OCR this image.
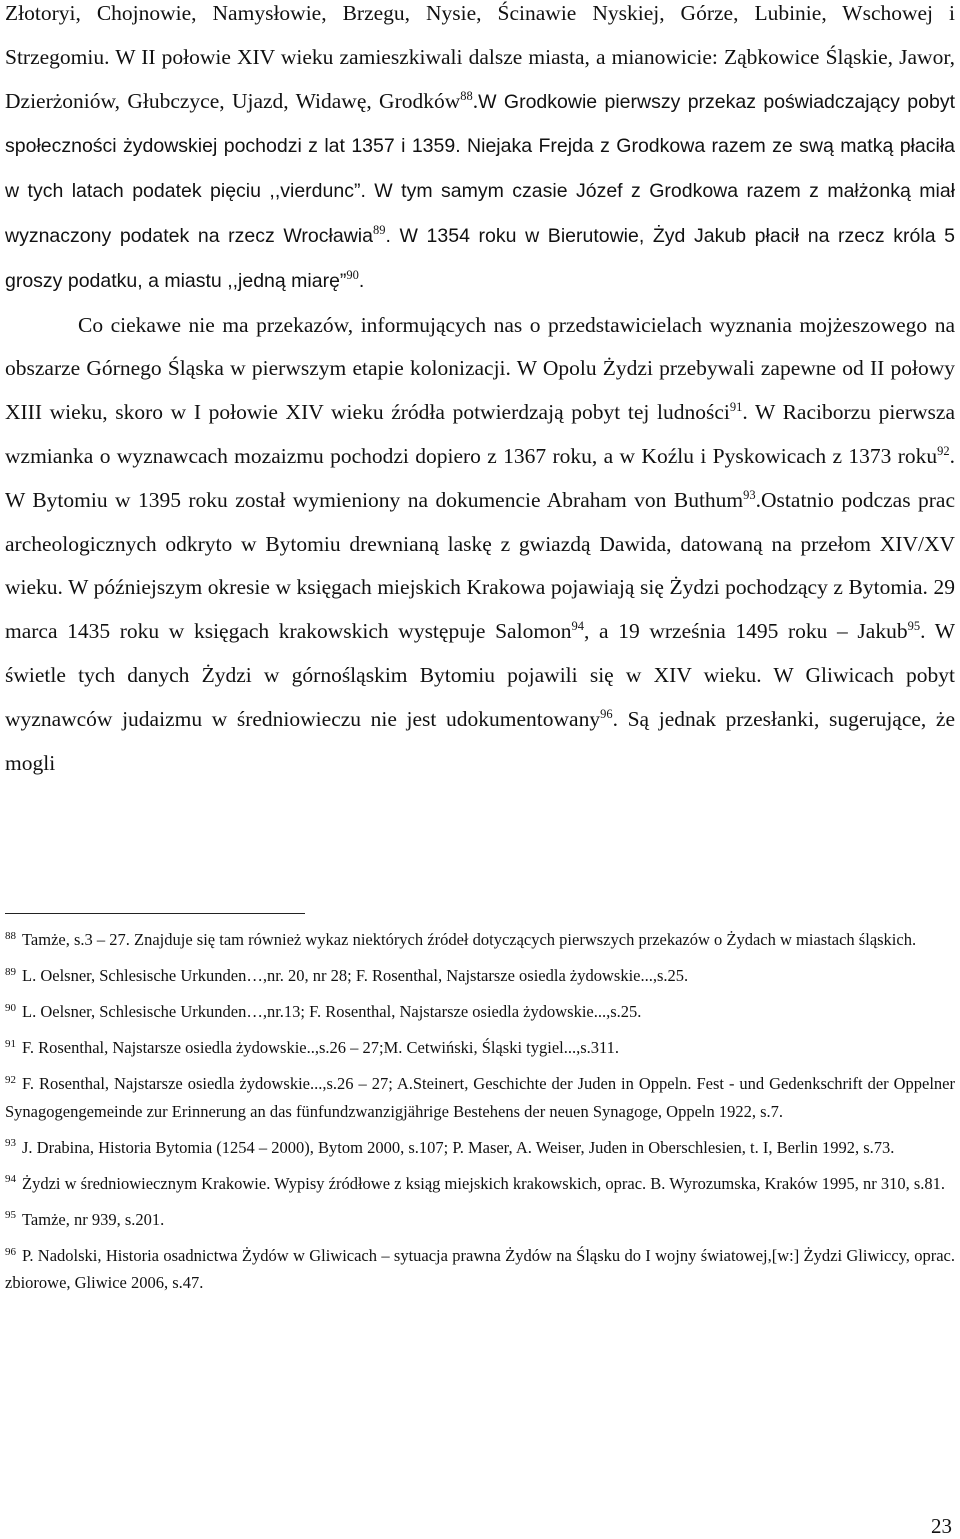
Złotoryi, Chojnowie, Namysłowie, Brzegu, Nysie, Ścinawie Nyskiej, Górze, Lubinie, Wschowej i Strzegomiu. W II połowie XIV wieku zamieszkiwali dalsze miasta, a mianowicie: Ząbkowice Śląskie, Jawor, Dzierżoniów, Głubczyce, Ujazd, Widawę, Grodków$^{88}$.W Grodkowie pierwszy przekaz poświadczający pobyt społeczności żydowskiej pochodzi z lat 1357 i 1359. Niejaka Frejda z Grodkowa razem ze swą matką płaciła w tych latach podatek pięciu ,,vierdunc”. W tym samym czasie Józef z Grodkowa razem z małżonką miał wyznaczony podatek na rzecz Wrocławia$^{89}$. W 1354 roku w Bierutowie, Żyd Jakub płacił na rzecz króla 5 groszy podatku, a miastu ,,jedną miarę”$^{90}$.

Co ciekawe nie ma przekazów, informujących nas o przedstawicielach wyznania mojżeszowego na obszarze Górnego Śląska w pierwszym etapie kolonizacji. W Opolu Żydzi przebywali zapewne od II połowy XIII wieku, skoro w I połowie XIV wieku źródła potwierdzają pobyt tej ludności$^{91}$. W Raciborzu pierwsza wzmianka o wyznawcach mozaizmu pochodzi dopiero z 1367 roku, a w Koźlu i Pyskowicach z 1373 roku$^{92}$. W Bytomiu w 1395 roku został wymieniony na dokumencie Abraham von Buthum$^{93}$.Ostatnio podczas prac archeologicznych odkryto w Bytomiu drewnianą laskę z gwiazdą Dawida, datowaną na przełom XIV/XV wieku. W późniejszym okresie w księgach miejskich Krakowa pojawiają się Żydzi pochodzący z Bytomia. 29 marca 1435 roku w księgach krakowskich występuje Salomon$^{94}$, a 19 września 1495 roku – Jakub$^{95}$. W świetle tych danych Żydzi w górnośląskim Bytomiu pojawili się w XIV wieku. W Gliwicach pobyt wyznawców judaizmu w średniowieczu nie jest udokumentowany$^{96}$. Są jednak przesłanki, sugerujące, że mogli

$^{88}$ Tamże, s.3 – 27. Znajduje się tam również wykaz niektórych źródeł dotyczących pierwszych przekazów o Żydach w miastach śląskich.

$^{89}$ L. Oelsner, Schlesische Urkunden…,nr. 20, nr 28; F. Rosenthal, Najstarsze osiedla żydowskie...,s.25.

$^{90}$ L. Oelsner, Schlesische Urkunden…,nr.13; F. Rosenthal, Najstarsze osiedla żydowskie...,s.25.

$^{91}$ F. Rosenthal, Najstarsze osiedla żydowskie..,s.26 – 27;M. Cetwiński, Śląski tygiel...,s.311.

$^{92}$ F. Rosenthal, Najstarsze osiedla żydowskie...,s.26 – 27; A.Steinert, Geschichte der Juden in Oppeln. Fest - und Gedenkschrift der Oppelner Synagogengemeinde zur Erinnerung an das fünfundzwanzigjährige Bestehens der neuen Synagoge, Oppeln 1922, s.7.

$^{93}$ J. Drabina, Historia Bytomia (1254 – 2000), Bytom 2000, s.107; P. Maser, A. Weiser, Juden in Oberschlesien, t. I, Berlin 1992, s.73.

$^{94}$ Żydzi w średniowiecznym Krakowie. Wypisy źródłowe z ksiąg miejskich krakowskich, oprac. B. Wyrozumska, Kraków 1995, nr 310, s.81.

$^{95}$ Tamże, nr 939, s.201.

$^{96}$ P. Nadolski, Historia osadnictwa Żydów w Gliwicach – sytuacja prawna Żydów na Śląsku do I wojny światowej,[w:] Żydzi Gliwiccy, oprac. zbiorowe, Gliwice 2006, s.47.

23
